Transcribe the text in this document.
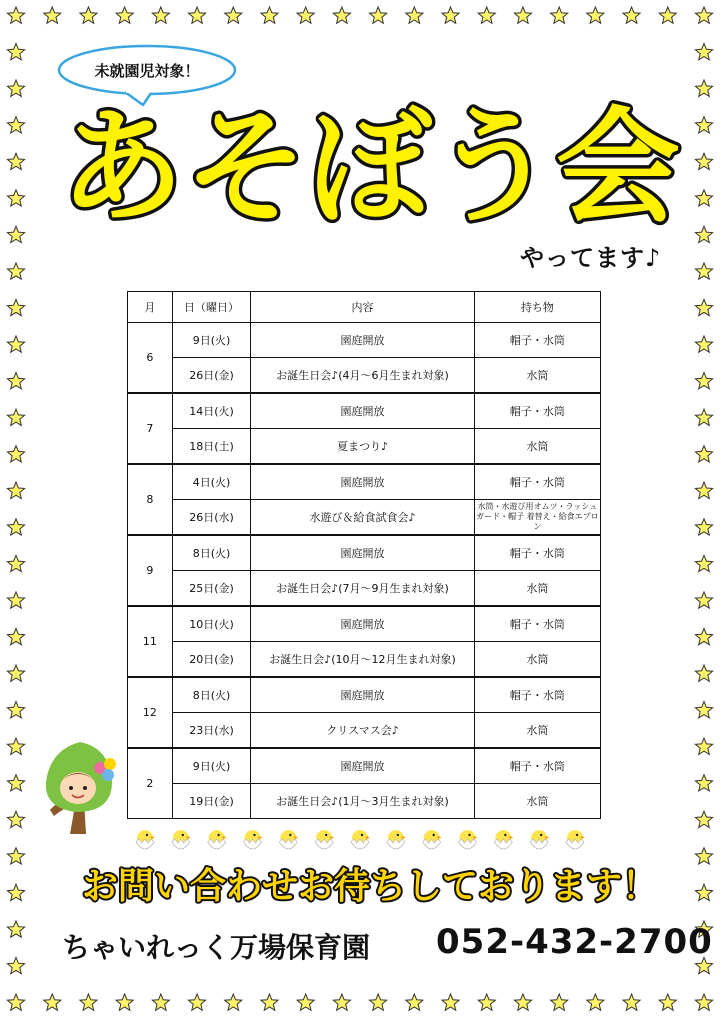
未就園児対象！
あそぼう会
やってます♪
月	日（曜日）	内容	持ち物
6	9日(火)	園庭開放	帽子・水筒
	26日(金)	お誕生日会♪(4月～6月生まれ対象)	水筒
7	14日(火)	園庭開放	帽子・水筒
	18日(土)	夏まつり♪	水筒
8	4日(火)	園庭開放	帽子・水筒
	26日(水)	水遊び＆給食試食会♪	水筒・水遊び用オムツ・ラッシュガード・帽子 着替え・給食エプロン
9	8日(火)	園庭開放	帽子・水筒
	25日(金)	お誕生日会♪(7月～9月生まれ対象)	水筒
11	10日(火)	園庭開放	帽子・水筒
	20日(金)	お誕生日会♪(10月～12月生まれ対象)	水筒
12	8日(火)	園庭開放	帽子・水筒
	23日(水)	クリスマス会♪	水筒
2	9日(火)	園庭開放	帽子・水筒
	19日(金)	お誕生日会♪(1月～3月生まれ対象)	水筒
お問い合わせお待ちしております！
ちゃいれっく万場保育園 052-432-2700
